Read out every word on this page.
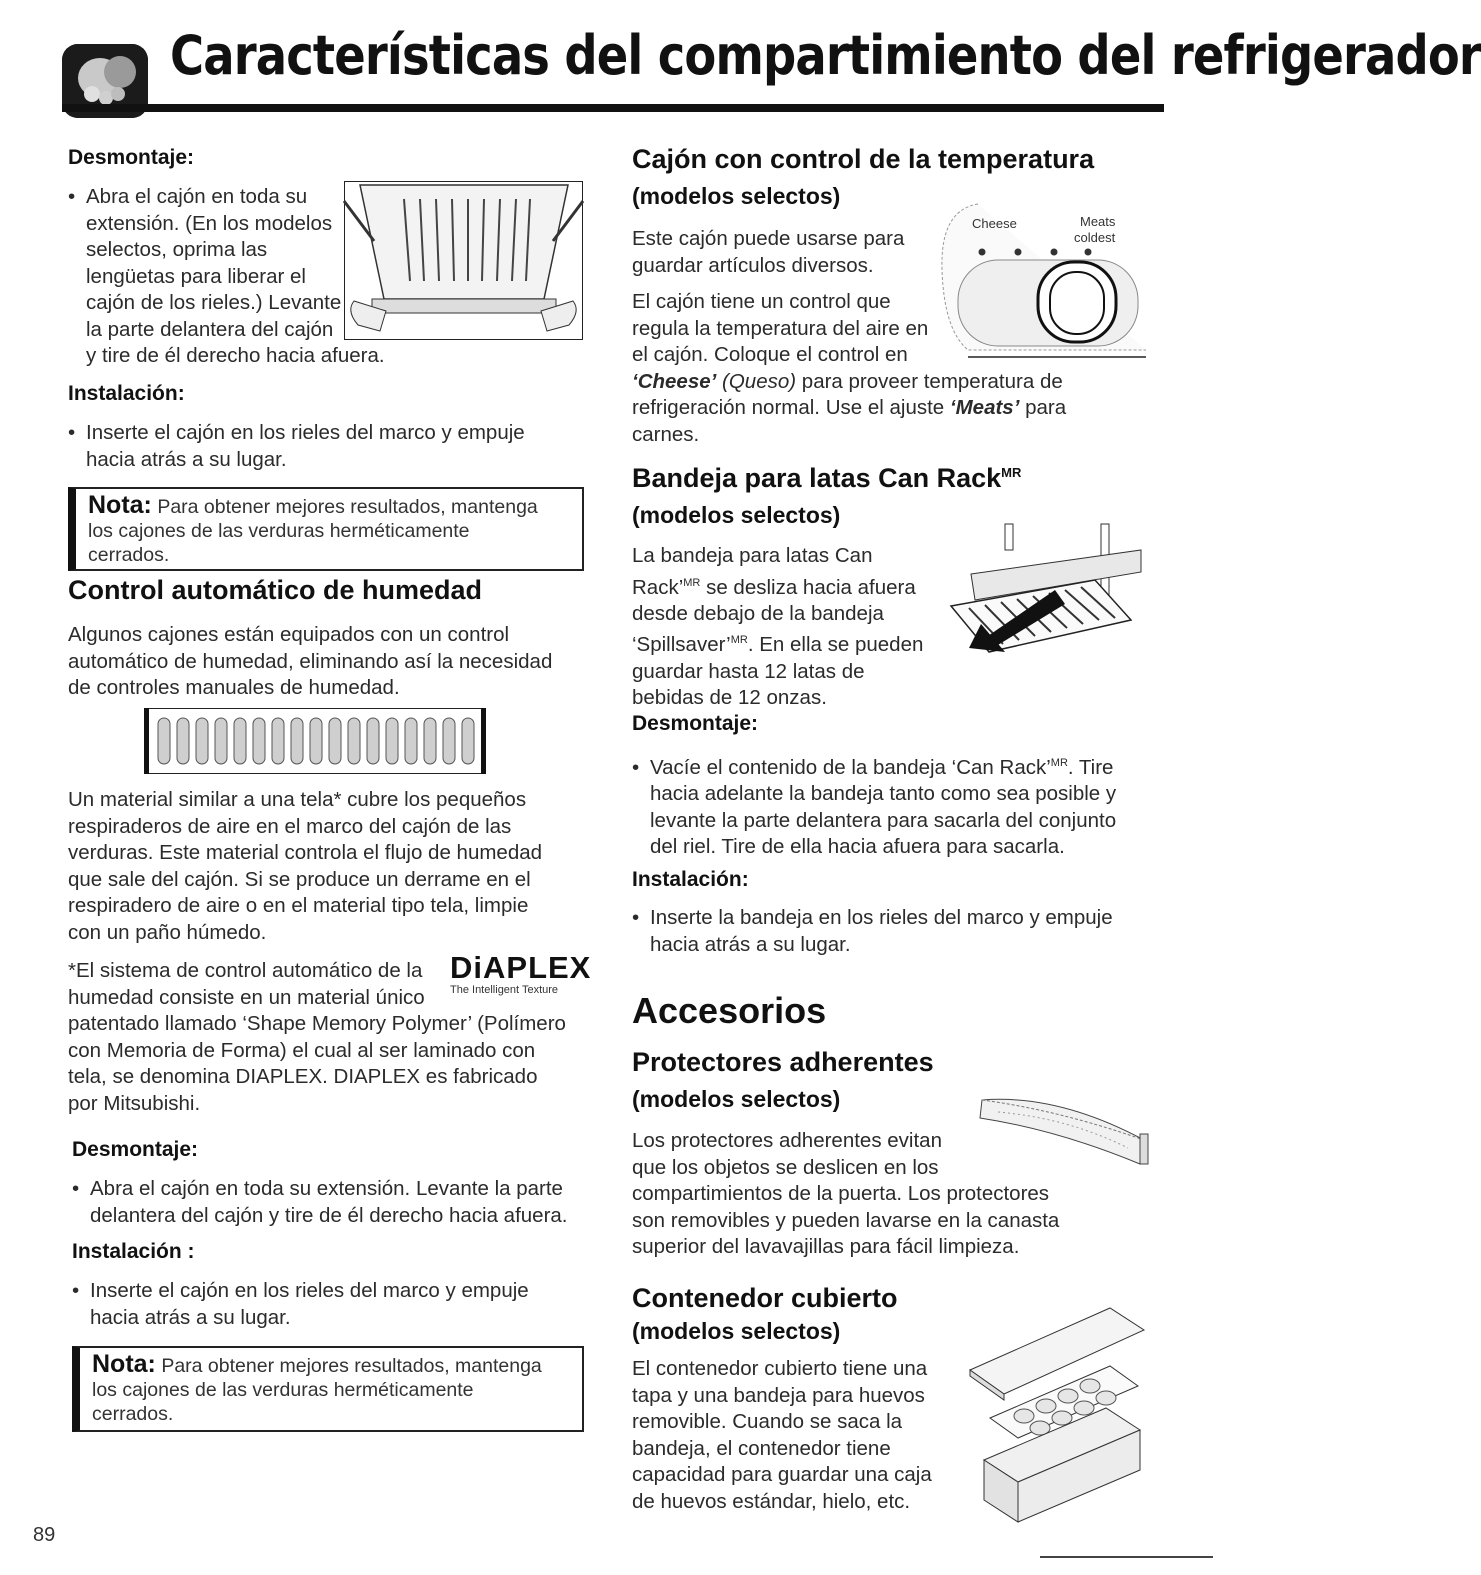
Características del compartimiento del refrigerador
Desmontaje:
• Abra el cajón en toda su
extensión. (En los modelos
selectos, oprima las
lengüetas para liberar el
cajón de los rieles.) Levante
la parte delantera del cajón
y tire de él derecho hacia afuera.
Instalación:
• Inserte el cajón en los rieles del marco y empuje
hacia atrás a su lugar.
Nota: Para obtener mejores resultados, mantenga
los cajones de las verduras herméticamente
cerrados.
Control automático de humedad
Algunos cajones están equipados con un control
automático de humedad, eliminando así la necesidad
de controles manuales de humedad.
Un material similar a una tela* cubre los pequeños
respiraderos de aire en el marco del cajón de las
verduras. Este material controla el flujo de humedad
que sale del cajón. Si se produce un derrame en el
respiradero de aire o en el material tipo tela, limpie
con un paño húmedo.
*El sistema de control automático de la
humedad consiste en un material único
patentado llamado ‘Shape Memory Polymer’ (Polímero
con Memoria de Forma) el cual al ser laminado con
tela, se denomina DIAPLEX. DIAPLEX es fabricado
por Mitsubishi.
DiAPLEX
The Intelligent Texture
Desmontaje:
• Abra el cajón en toda su extensión. Levante la parte
delantera del cajón y tire de él derecho hacia afuera.
Instalación :
• Inserte el cajón en los rieles del marco y empuje
hacia atrás a su lugar.
Nota: Para obtener mejores resultados, mantenga
los cajones de las verduras herméticamente
cerrados.
Cajón con control de la temperatura
(modelos selectos)
Este cajón puede usarse para
guardar artículos diversos.
El cajón tiene un control que
regula la temperatura del aire en
el cajón. Coloque el control en
‘Cheese’ (Queso) para proveer temperatura de
refrigeración normal. Use el ajuste ‘Meats’ para
carnes.
Cheese	Meats
coldest
Bandeja para latas Can Rack$^{MR}$
(modelos selectos)
La bandeja para latas Can
Rack’$^{MR}$ se desliza hacia afuera
desde debajo de la bandeja
‘Spillsaver’$^{MR}$. En ella se pueden
guardar hasta 12 latas de
bebidas de 12 onzas.
Desmontaje:
• Vacíe el contenido de la bandeja ‘Can Rack’$^{MR}$. Tire
hacia adelante la bandeja tanto como sea posible y
levante la parte delantera para sacarla del conjunto
del riel. Tire de ella hacia afuera para sacarla.
Instalación:
• Inserte la bandeja en los rieles del marco y empuje
hacia atrás a su lugar.
Accesorios
Protectores adherentes
(modelos selectos)
Los protectores adherentes evitan
que los objetos se deslicen en los
compartimientos de la puerta. Los protectores
son removibles y pueden lavarse en la canasta
superior del lavavajillas para fácil limpieza.
Contenedor cubierto
(modelos selectos)
El contenedor cubierto tiene una
tapa y una bandeja para huevos
removible. Cuando se saca la
bandeja, el contenedor tiene
capacidad para guardar una caja
de huevos estándar, hielo, etc.
89
